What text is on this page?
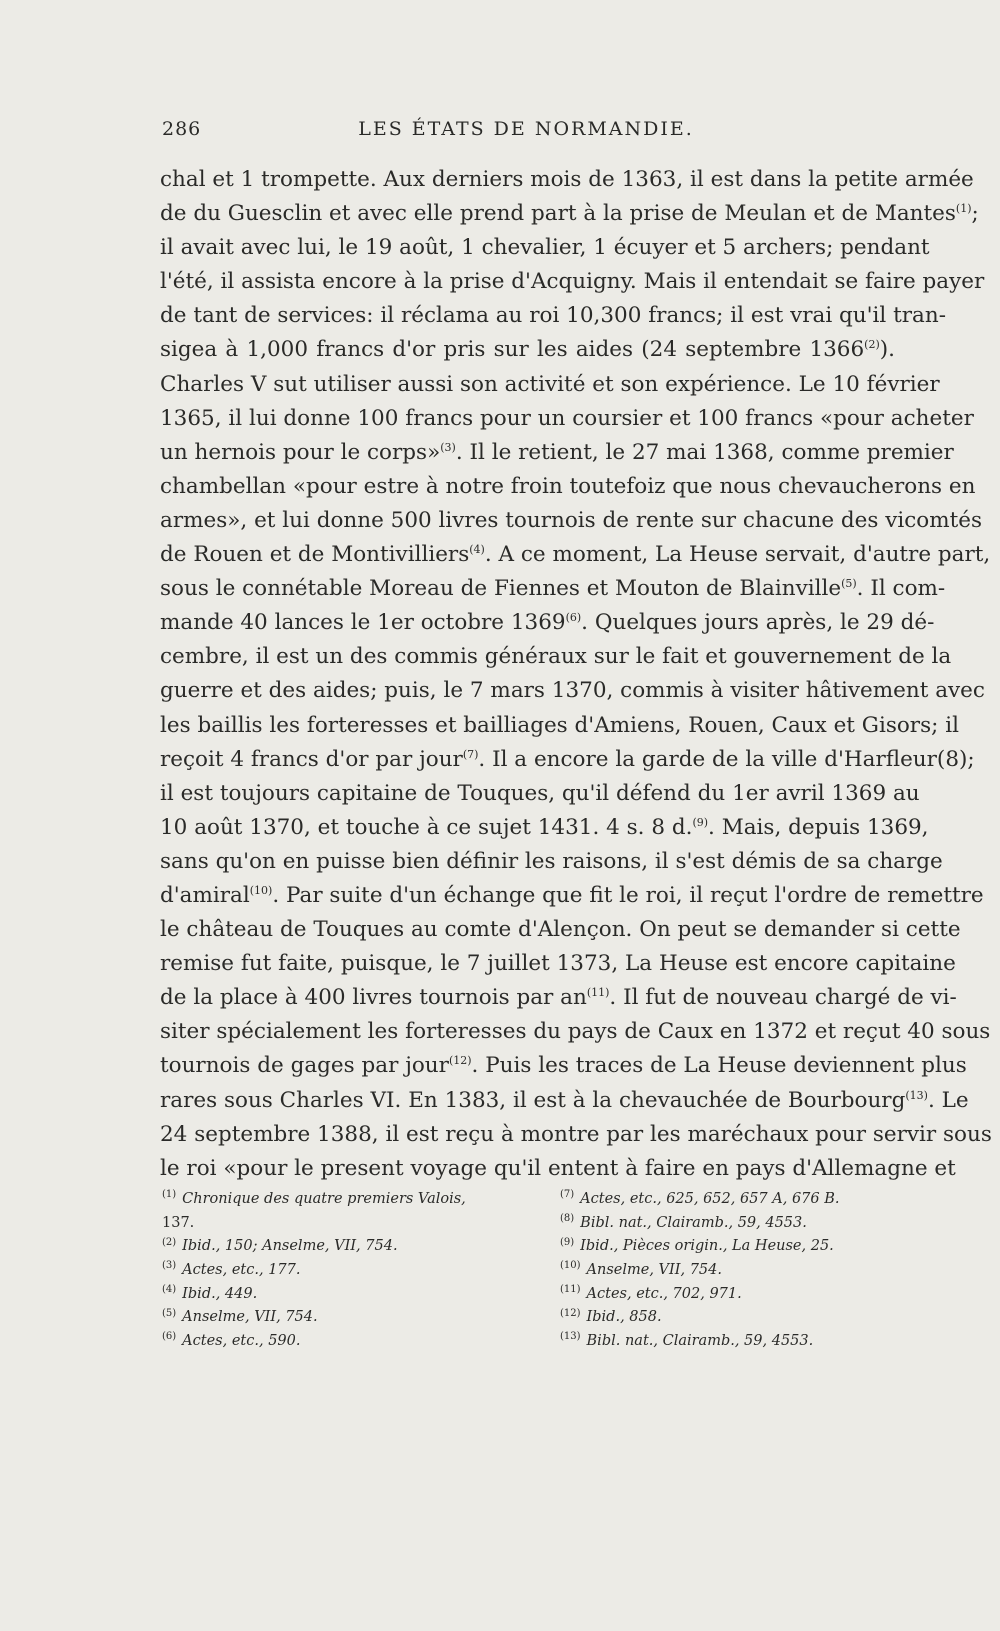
286	LES ÉTATS DE NORMANDIE.
chal et 1 trompette. Aux derniers mois de 1363, il est dans la petite armée
de du Guesclin et avec elle prend part à la prise de Meulan et de Mantes$^{(1)}$;
il avait avec lui, le 19 août, 1 chevalier, 1 écuyer et 5 archers; pendant
l'été, il assista encore à la prise d'Acquigny. Mais il entendait se faire payer
de tant de services: il réclama au roi 10,300 francs; il est vrai qu'il tran-
sigea à 1,000 francs d'or pris sur les aides (24 septembre 1366$^{(2)}$).
Charles V sut utiliser aussi son activité et son expérience. Le 10 février
1365, il lui donne 100 francs pour un coursier et 100 francs «pour acheter
un hernois pour le corps»$^{(3)}$. Il le retient, le 27 mai 1368, comme premier
chambellan «pour estre à notre froin toutefoiz que nous chevaucherons en
armes», et lui donne 500 livres tournois de rente sur chacune des vicomtés
de Rouen et de Montivilliers$^{(4)}$. A ce moment, La Heuse servait, d'autre part,
sous le connétable Moreau de Fiennes et Mouton de Blainville$^{(5)}$. Il com-
mande 40 lances le 1er octobre 1369$^{(6)}$. Quelques jours après, le 29 dé-
cembre, il est un des commis généraux sur le fait et gouvernement de la
guerre et des aides; puis, le 7 mars 1370, commis à visiter hâtivement avec
les baillis les forteresses et bailliages d'Amiens, Rouen, Caux et Gisors; il
reçoit 4 francs d'or par jour$^{(7)}$. Il a encore la garde de la ville d'Harfleur(8);
il est toujours capitaine de Touques, qu'il défend du 1er avril 1369 au
10 août 1370, et touche à ce sujet 1431. 4 s. 8 d.$^{(9)}$. Mais, depuis 1369,
sans qu'on en puisse bien définir les raisons, il s'est démis de sa charge
d'amiral$^{(10)}$. Par suite d'un échange que fit le roi, il reçut l'ordre de remettre
le château de Touques au comte d'Alençon. On peut se demander si cette
remise fut faite, puisque, le 7 juillet 1373, La Heuse est encore capitaine
de la place à 400 livres tournois par $an^{(11)}$. Il fut de nouveau chargé de vi-
siter spécialement les forteresses du pays de Caux en 1372 et reçut 40 sous
tournois de gages par jour$^{(12)}$. Puis les traces de La Heuse deviennent plus
rares sous Charles VI. En 1383, il est à la chevauchée de Bourbourg$^{(13)}$. Le
24 septembre 1388, il est reçu à montre par les maréchaux pour servir sous
le roi «pour le present voyage qu'il entent à faire en pays d'Allemagne et
$^{(1)}$ Chronique des quatre premiers Valois,
137.
$^{(2)}$ Ibid., 150; Anselme, VII, 754.
$^{(3)}$ Actes, etc., 177.
$^{(4)}$ Ibid., 449.
$^{(5)}$ Anselme, VII, 754.
$^{(6)}$ Actes, etc., 590.
$^{(7)}$ Actes, etc., 625, 652, 657 A, 676 B.
$^{(8)}$ Bibl. nat., Clairamb., 59, 4553.
$^{(9)}$ Ibid., Pièces origin., La Heuse, 25.
$^{(10)}$ Anselme, VII, 754.
$^{(11)}$ Actes, etc., 702, 971.
$^{(12)}$ Ibid., 858.
$^{(13)}$ Bibl. nat., Clairamb., 59, 4553.
